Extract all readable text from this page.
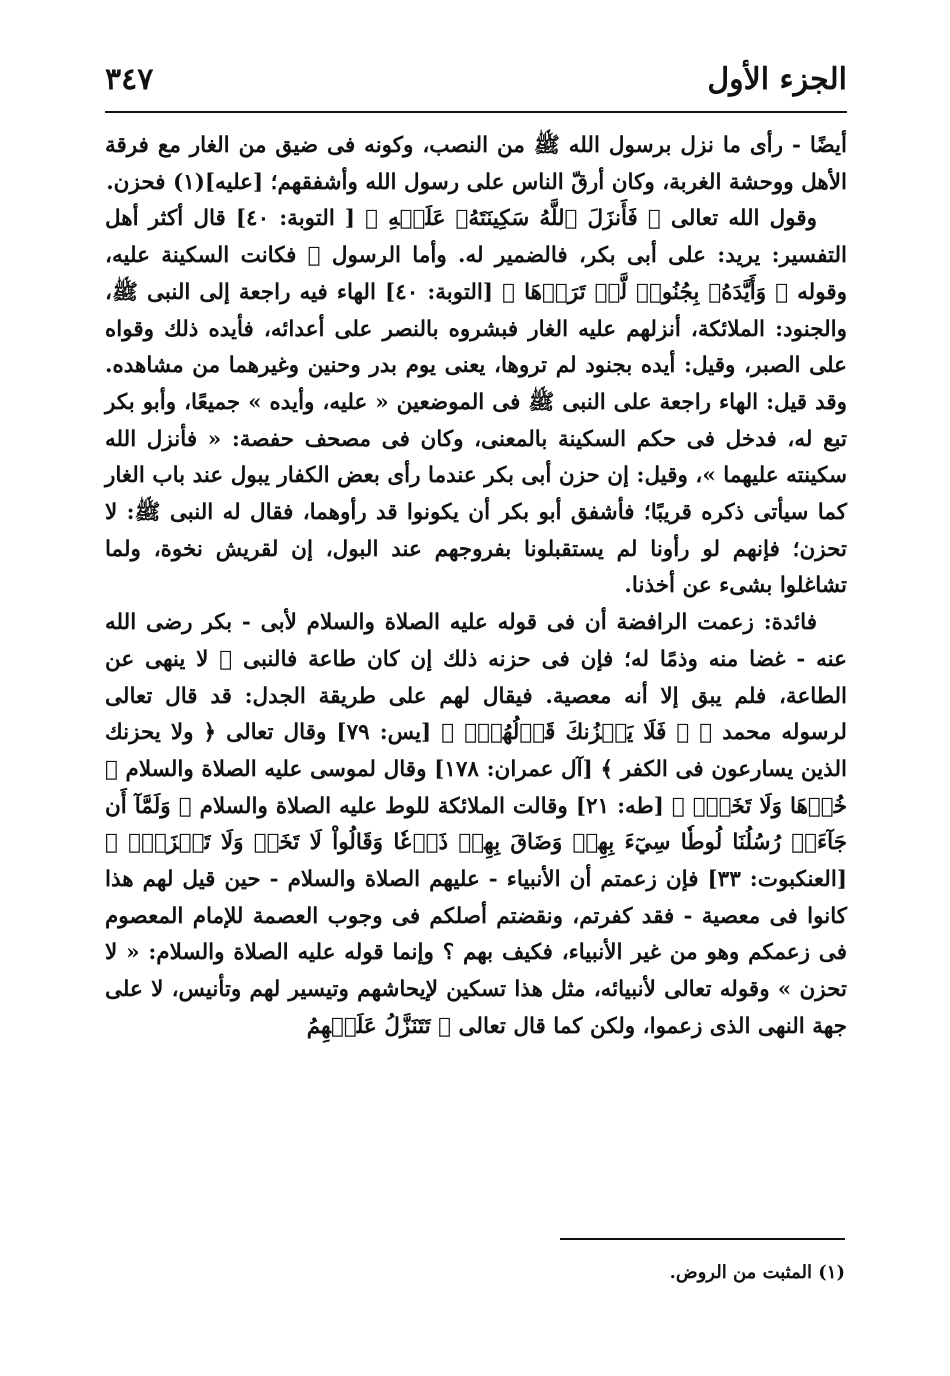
الجزء الأول
٣٤٧

أيضًا - رأى ما نزل برسول الله ﷺ من النصب، وكونه فى ضيق من الغار مع فرقة الأهل ووحشة الغربة، وكان أرقّ الناس على رسول الله وأشفقهم؛ [عليه](١) فحزن.

وقول الله تعالى ﴿ فَأَنزَلَ ٱللَّهُ سَكِينَتَهُۥ عَلَيۡهِ ﴾ [ التوبة: ٤٠] قال أكثر أهل التفسير: يريد: على أبى بكر، فالضمير له. وأما الرسول ﷺ فكانت السكينة عليه، وقوله ﴿ وَأَيَّدَهُۥ بِجُنُودٖ لَّمۡ تَرَوۡهَا ﴾ [التوبة: ٤٠] الهاء فيه راجعة إلى النبى ﷺ، والجنود: الملائكة، أنزلهم عليه الغار فبشروه بالنصر على أعدائه، فأيده ذلك وقواه على الصبر، وقيل: أيده بجنود لم تروها، يعنى يوم بدر وحنين وغيرهما من مشاهده. وقد قيل: الهاء راجعة على النبى ﷺ فى الموضعين « عليه، وأيده » جميعًا، وأبو بكر تبع له، فدخل فى حكم السكينة بالمعنى، وكان فى مصحف حفصة: « فأنزل الله سكينته عليهما »، وقيل: إن حزن أبى بكر عندما رأى بعض الكفار يبول عند باب الغار كما سيأتى ذكره قريبًا؛ فأشفق أبو بكر أن يكونوا قد رأوهما، فقال له النبى ﷺ: لا تحزن؛ فإنهم لو رأونا لم يستقبلونا بفروجهم عند البول، إن لقريش نخوة، ولما تشاغلوا بشىء عن أخذنا.

فائدة: زعمت الرافضة أن فى قوله عليه الصلاة والسلام لأبى - بكر رضى الله عنه - غضا منه وذمًا له؛ فإن فى حزنه ذلك إن كان طاعة فالنبى ﷺ لا ينهى عن الطاعة، فلم يبق إلا أنه معصية. فيقال لهم على طريقة الجدل: قد قال تعالى لرسوله محمد ﷺ ﴿ فَلَا يَحۡزُنكَ قَوۡلُهُمۡۘ ﴾ [يس: ٧٩] وقال تعالى ﴿ ولا يحزنك الذين يسارعون فى الكفر ﴾ [آل عمران: ١٧٨] وقال لموسى عليه الصلاة والسلام ﴿ خُذۡهَا وَلَا تَخَفۡۖ ﴾ [طه: ٢١] وقالت الملائكة للوط عليه الصلاة والسلام ﴿ وَلَمَّآ أَن جَآءَتۡ رُسُلُنَا لُوطٗا سِيٓءَ بِهِمۡ وَضَاقَ بِهِمۡ ذَرۡعٗا وَقَالُواْ لَا تَخَفۡ وَلَا تَحۡزَنۡۖ ﴾ [العنكبوت: ٣٣] فإن زعمتم أن الأنبياء - عليهم الصلاة والسلام - حين قيل لهم هذا كانوا فى معصية - فقد كفرتم، ونقضتم أصلكم فى وجوب العصمة للإمام المعصوم فى زعمكم وهو من غير الأنبياء، فكيف بهم ؟ وإنما قوله عليه الصلاة والسلام: « لا تحزن » وقوله تعالى لأنبيائه، مثل هذا تسكين لإيحاشهم وتيسير لهم وتأنيس، لا على جهة النهى الذى زعموا، ولكن كما قال تعالى ﴿ تَتَنَزَّلُ عَلَيۡهِمُ

(١) المثبت من الروض.
